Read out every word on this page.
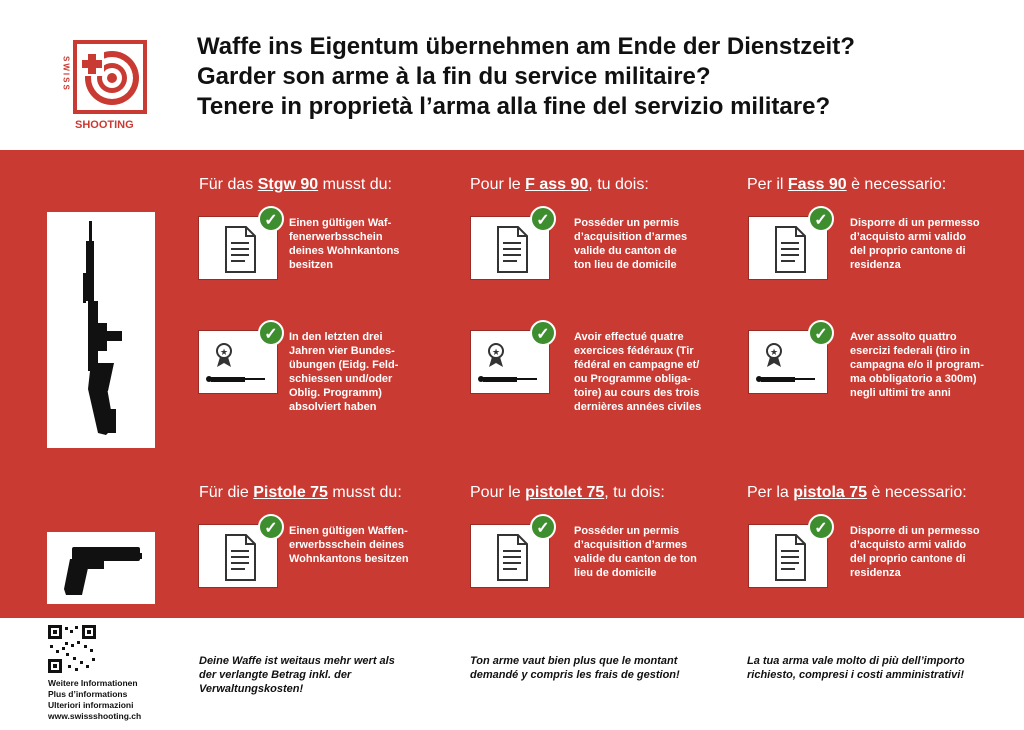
SWISS
SHOOTING
Waffe ins Eigentum übernehmen am Ende der Dienstzeit?
Garder son arme à la fin du service militaire?
Tenere in proprietà l’arma alla fine del servizio militare?
Für das Stgw 90 musst du:	Pour le F ass 90, tu dois:	Per il Fass 90 è necessario:
✓	Einen gültigen Waf-
fenerwerbsschein
deines Wohnkantons
besitzen
✓	Posséder un permis
d’acquisition d’armes
valide du canton de
ton lieu de domicile
✓	Disporre di un permesso
d’acquisto armi valido
del proprio cantone di
residenza
★
✓	In den letzten drei
Jahren vier Bundes-
übungen (Eidg. Feld-
schiessen und/oder
Oblig. Programm)
absolviert haben
★
✓	Avoir effectué quatre
exercices fédéraux (Tir
fédéral en campagne et/
ou Programme obliga-
toire) au cours des trois
dernières années civiles
★
✓	Aver assolto quattro
esercizi federali (tiro in
campagna e/o il program-
ma obbligatorio a 300m)
negli ultimi tre anni
Für die Pistole 75 musst du:	Pour le pistolet 75, tu dois:	Per la pistola 75 è necessario:
✓	Einen gültigen Waffen-
erwerbsschein deines
Wohnkantons besitzen
✓	Posséder un permis
d’acquisition d’armes
valide du canton de ton
lieu de domicile
✓	Disporre di un permesso
d’acquisto armi valido
del proprio cantone di
residenza
Weitere Informationen
Plus d’informations
Ulteriori informazioni
www.swissshooting.ch
Deine Waffe ist weitaus mehr wert als
der verlangte Betrag inkl. der
Verwaltungskosten!
Ton arme vaut bien plus que le montant
demandé y compris les frais de gestion!
La tua arma vale molto di più dell’importo
richiesto, compresi i costi amministrativi!
